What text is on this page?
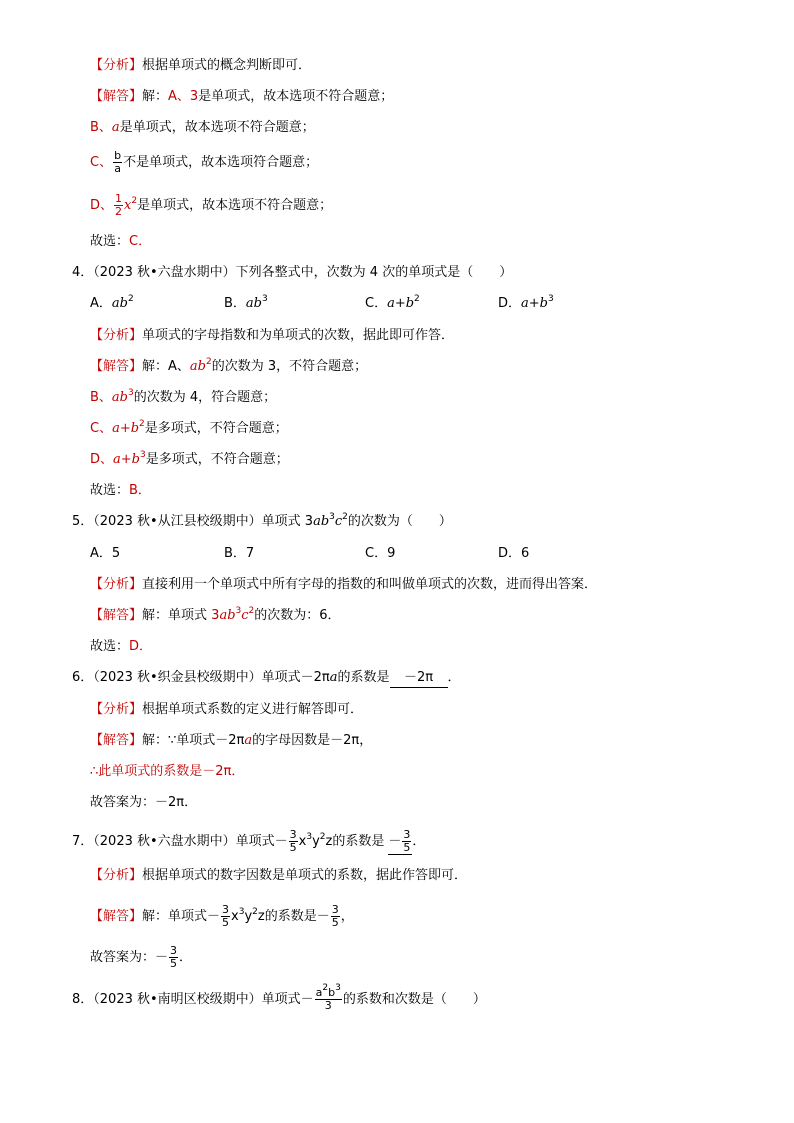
【分析】根据单项式的概念判断即可．
【解答】解：A、3是单项式，故本选项不符合题意；
B、a是单项式，故本选项不符合题意；
C、 $\frac{b}{a}$ 不是单项式，故本选项符合题意；
D、 $\frac{1}{2} x^2$是单项式，故本选项不符合题意；
故选：C．
4．（2023 秋•六盘水期中）下列各整式中，次数为 4 次的单项式是（　　）
A．$ab^2$	B．$ab^3$	C．$a+b^2$	D．$a+b^3$
【分析】单项式的字母指数和为单项式的次数，据此即可作答．
【解答】解：A、$ab^2$的次数为 3，不符合题意；
B、$ab^3$的次数为 4，符合题意；
C、$a+b^2$是多项式，不符合题意；
D、$a+b^3$是多项式，不符合题意；
故选：B．
5．（2023 秋•从江县校级期中）单项式 $3ab^3c^2$的次数为（　　）
A．5	B．7	C．9	D．6
【分析】直接利用一个单项式中所有字母的指数的和叫做单项式的次数，进而得出答案．
【解答】解：单项式 $3ab^3c^2$的次数为：6．
故选：D．
6．（2023 秋•织金县校级期中）单项式－2πa的系数是 －2π ．
【分析】根据单项式系数的定义进行解答即可．
【解答】解：∵单项式－2πa的字母因数是－2π，
∴此单项式的系数是－2π．
故答案为：－2π．
7．（2023 秋•六盘水期中）单项式－ $\frac{3}{5} x^3y^2z$的系数是 － $\frac{3}{5}$ ．
【分析】根据单项式的数字因数是单项式的系数，据此作答即可．
【解答】解：单项式－ $\frac{3}{5} x^3y^2z$的系数是－ $\frac{3}{5}$ ，
故答案为：－ $\frac{3}{5}$ ．
8．（2023 秋•南明区校级期中）单项式－ $\frac{a^2b^3}{3}$ 的系数和次数是（　　）
